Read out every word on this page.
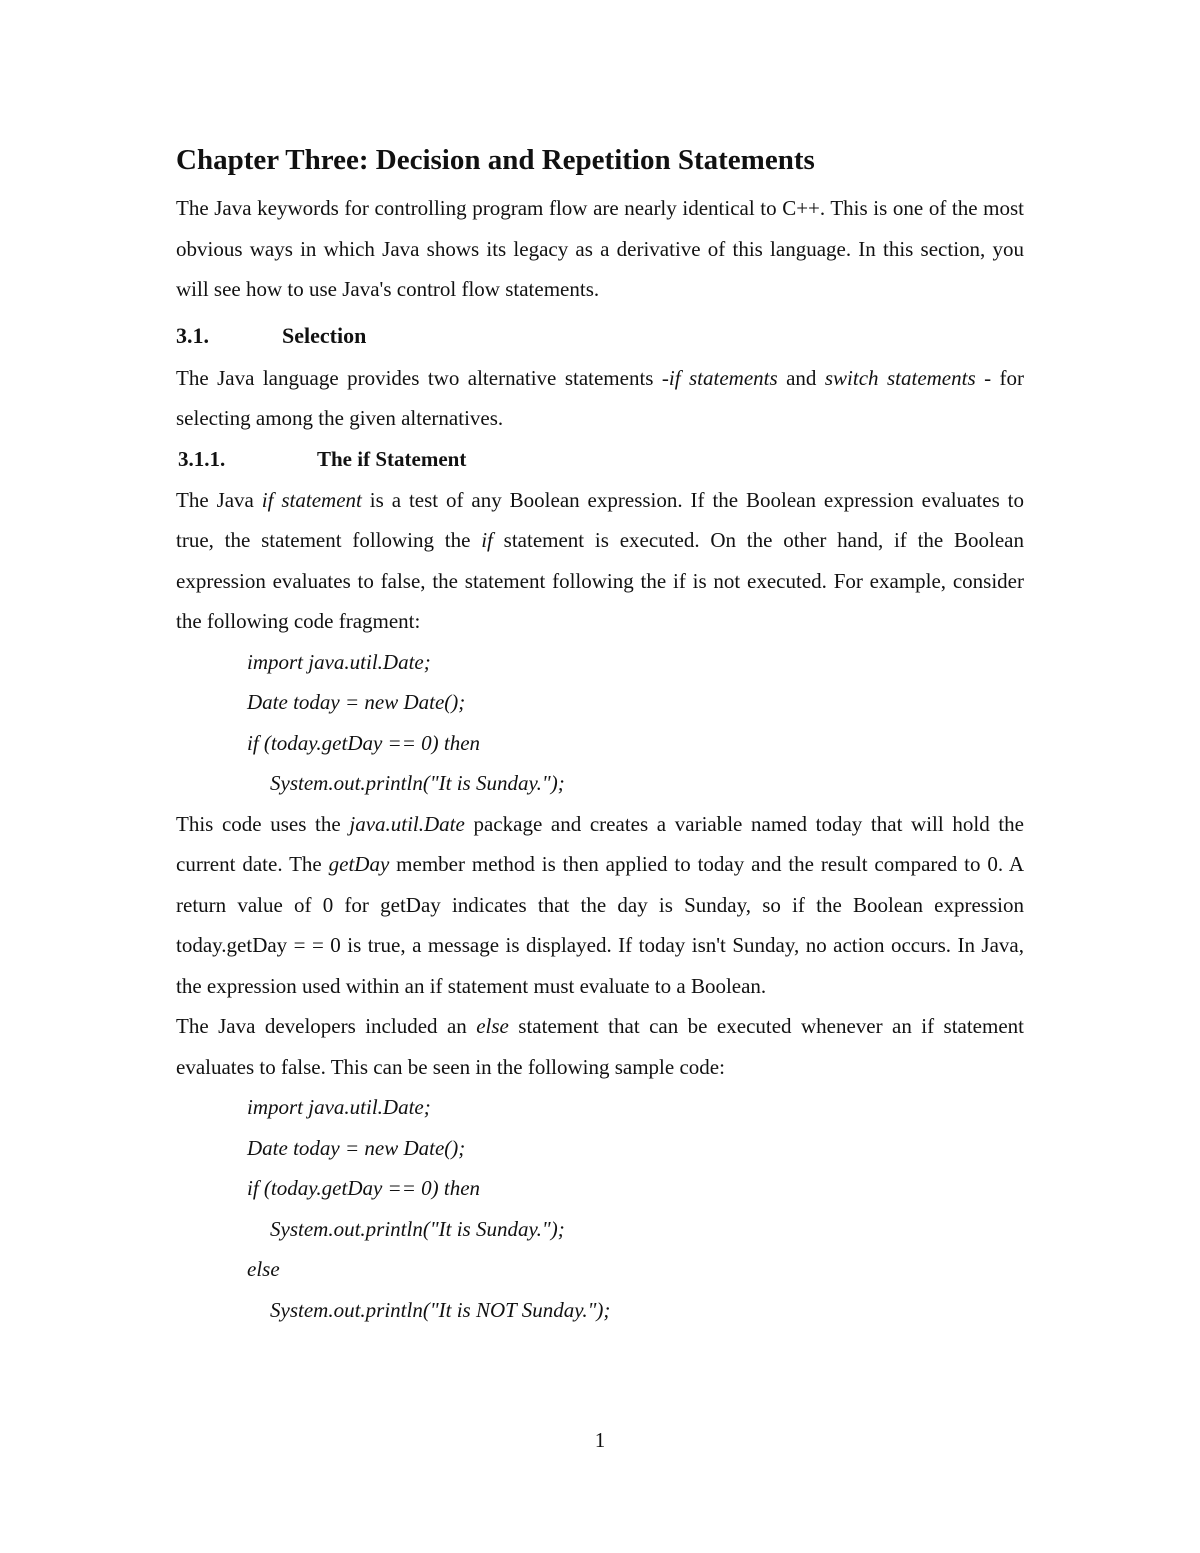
Chapter Three: Decision and Repetition Statements

The Java keywords for controlling program flow are nearly identical to C++. This is one of the most obvious ways in which Java shows its legacy as a derivative of this language. In this section, you will see how to use Java's control flow statements.

3.1.	Selection

The Java language provides two alternative statements -if statements and switch statements - for selecting among the given alternatives.

3.1.1.	The if Statement

The Java if statement is a test of any Boolean expression. If the Boolean expression evaluates to true, the statement following the if statement is executed. On the other hand, if the Boolean expression evaluates to false, the statement following the if is not executed. For example, consider the following code fragment:

import java.util.Date;
Date today = new Date();
if (today.getDay == 0) then
System.out.println("It is Sunday.");

This code uses the java.util.Date package and creates a variable named today that will hold the current date. The getDay member method is then applied to today and the result compared to 0. A return value of 0 for getDay indicates that the day is Sunday, so if the Boolean expression today.getDay = = 0 is true, a message is displayed. If today isn't Sunday, no action occurs. In Java, the expression used within an if statement must evaluate to a Boolean.

The Java developers included an else statement that can be executed whenever an if statement evaluates to false. This can be seen in the following sample code:

import java.util.Date;
Date today = new Date();
if (today.getDay == 0) then
System.out.println("It is Sunday.");
else
System.out.println("It is NOT Sunday.");
1
